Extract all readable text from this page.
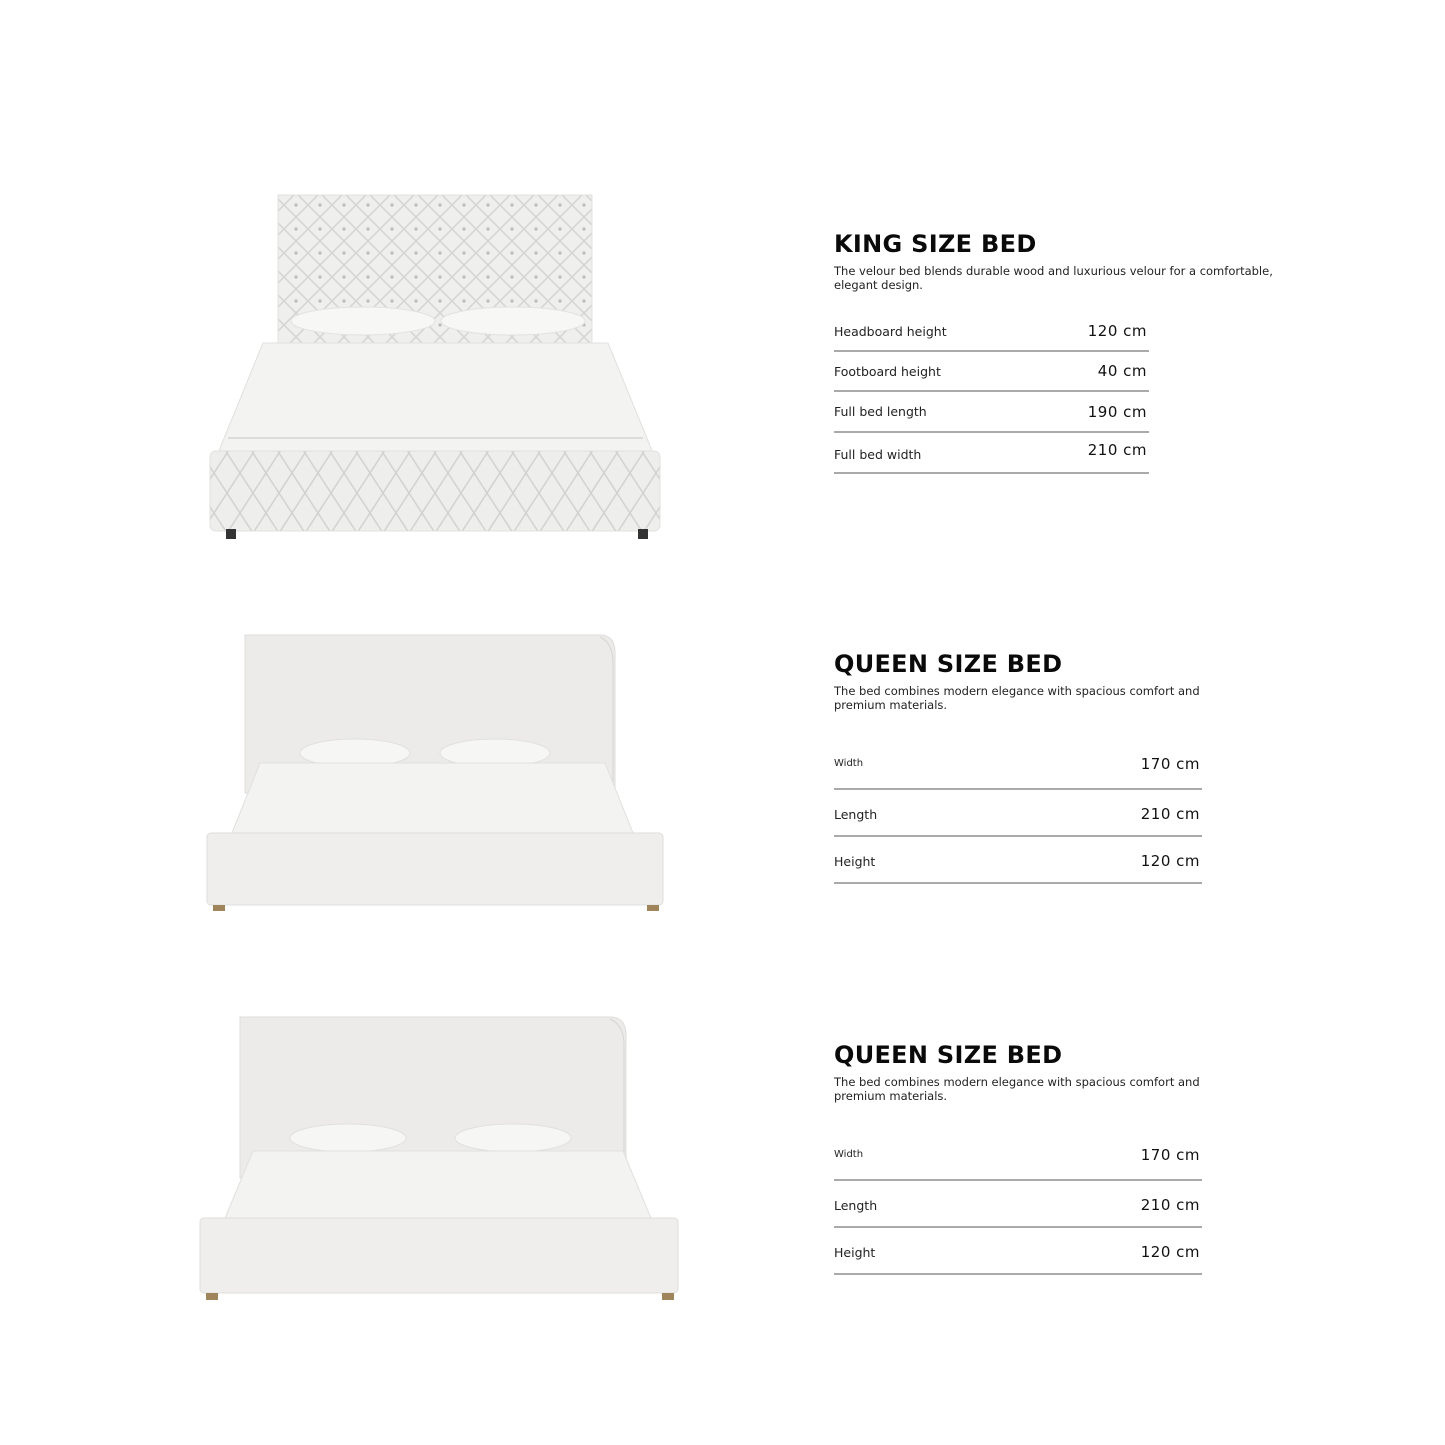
KING SIZE BED
The velour bed blends durable wood and luxurious velour for a comfortable, elegant design.
Headboard height	120 cm
Footboard height	40 cm
Full bed length	190 cm
Full bed width	210 cm
QUEEN SIZE BED
The bed combines modern elegance with spacious comfort and premium materials.
Width	170 cm
Length	210 cm
Height	120 cm
QUEEN SIZE BED
The bed combines modern elegance with spacious comfort and premium materials.
Width	170 cm
Length	210 cm
Height	120 cm
